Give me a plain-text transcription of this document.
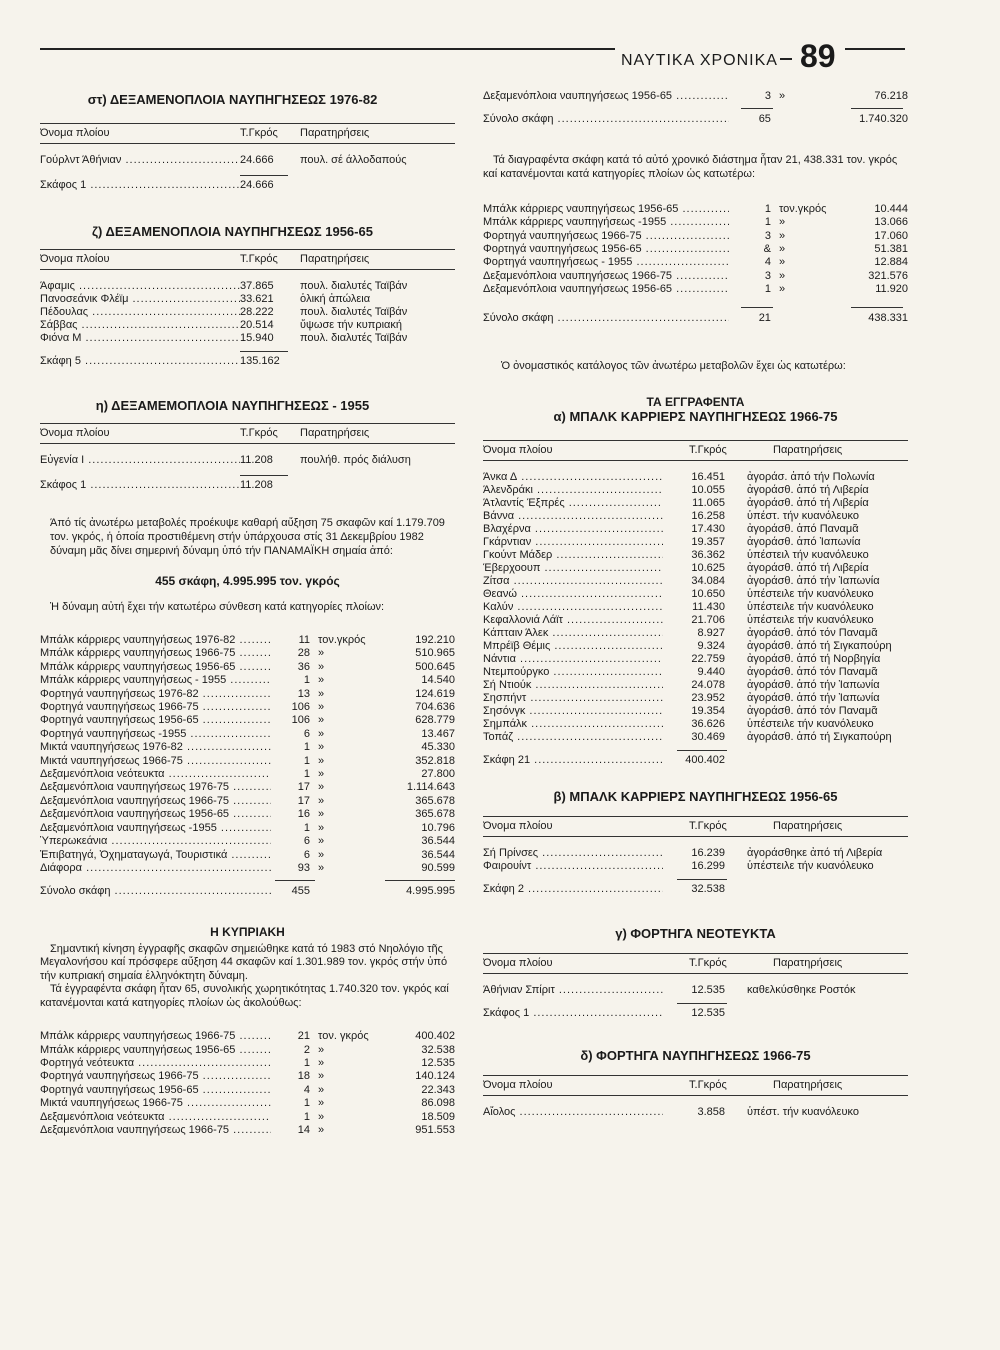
ΝΑΥΤΙΚΑ ΧΡΟΝΙΚΑ 89
στ) ΔΕΞΑΜΕΝΟΠΛΟΙΑ ΝΑΥΠΗΓΗΣΕΩΣ 1976-82
Όνομα πλοίου	Τ.Γκρός	Παρατηρήσεις
Γούρλντ Άθήνιαν .....	24.666	πουλ. σέ άλλοδαπούς
Σκάφος 1 .....	24.666
ζ) ΔΕΞΑΜΕΝΟΠΛΟΙΑ ΝΑΥΠΗΓΗΣΕΩΣ 1956-65
Όνομα πλοίου	Τ.Γκρός	Παρατηρήσεις
Άφαμις .....	37.865	πουλ. διαλυτές Ταϊβάν
Πανοσεάνικ Φλέϊμ .....	33.621	ὁλική ἀπώλεια
Πέδουλας .....	28.222	πουλ. διαλυτές Ταϊβάν
Σάββας .....	20.514	ὕψωσε τήν κυπριακή
Φιόνα Μ .....	15.940	πουλ. διαλυτές Ταϊβάν
Σκάφη 5 .....	135.162
η) ΔΕΞΑΜΕΜΟΠΛΟΙΑ ΝΑΥΠΗΓΗΣΕΩΣ - 1955
Όνομα πλοίου	Τ.Γκρός	Παρατηρήσεις
Εὐγενία Ι .....	11.208	πουλήθ. πρός διάλυση
Σκάφος 1 .....	11.208
Άπό τίς ἀνωτέρω μεταβολές προέκυψε καθαρή αὔξηση 75 σκαφῶν καί 1.179.709 τον. γκρός, ἡ ὁποία προστιθέμενη στήν ὑπάρχουσα στίς 31 Δεκεμβρίου 1982 δύναμη μᾶς δίνει σημερινή δύναμη ὑπό τήν ΠΑΝΑΜΑΪΚΗ σημαία ἀπό:
455 σκάφη, 4.995.995 τον. γκρός
Ἡ δύναμη αὐτή ἔχει τήν κατωτέρω σύνθεση κατά κατηγορίες πλοίων:
Μπάλκ κάρριερς ναυπηγήσεως 1976-82 .....	11 τον.γκρός	192.210
Μπάλκ κάρριερς ναυπηγήσεως 1966-75 .....	28 »	510.965
Μπάλκ κάρριερς ναυπηγήσεως 1956-65 .....	36 »	500.645
Μπάλκ κάρριερς ναυπηγήσεως - 1955 .....	1 »	14.540
Φορτηγά ναυπηγήσεως 1976-82 .....	13 »	124.619
Φορτηγά ναυπηγήσεως 1966-75 .....	106 »	704.636
Φορτηγά ναυπηγήσεως 1956-65 .....	106 »	628.779
Φορτηγά ναυπηγήσεως -1955 .....	6 »	13.467
Μικτά ναυπηγήσεως 1976-82 .....	1 »	45.330
Μικτά ναυπηγήσεως 1966-75 .....	1 »	352.818
Δεξαμενόπλοια νεότευκτα .....	1 »	27.800
Δεξαμενόπλοια ναυπηγήσεως 1976-75 .....	17 »	1.114.643
Δεξαμενόπλοια ναυπηγήσεως 1966-75 .....	17 »	365.678
Δεξαμενόπλοια ναυπηγήσεως 1956-65 .....	16 »	365.678
Δεξαμενόπλοια ναυπηγήσεως -1955 .....	1 »	10.796
Ὑπερωκεάνια .....	6 »	36.544
Ἐπιβατηγά, Ὀχηματαγωγά, Τουριστικά .....	6 »	36.544
Διάφορα .....	93 »	90.599
Σύνολο σκάφη .....	455	4.995.995
Η ΚΥΠΡΙΑΚΗ
Σημαντική κίνηση ἐγγραφῆς σκαφῶν σημειώθηκε κατά τό 1983 στό Νηολόγιο τῆς Μεγαλονήσου καί πρόσφερε αὔξηση 44 σκαφῶν καί 1.301.989 τον. γκρός στήν ὑπό τήν κυπριακή σημαία ἑλληνόκτητη δύναμη.
Τά ἐγγραφέντα σκάφη ἦταν 65, συνολικής χωρητικότητας 1.740.320 τον. γκρός καί κατανέμονται κατά κατηγορίες πλοίων ὡς ἀκολούθως:
Μπάλκ κάρριερς ναυπηγήσεως 1966-75 .....	21 τον. γκρός	400.402
Μπάλκ κάρριερς ναυπηγήσεως 1956-65 .....	2 »	32.538
Φορτηγά νεότευκτα .....	1 »	12.535
Φορτηγά ναυπηγήσεως 1966-75 .....	18 »	140.124
Φορτηγά ναυπηγήσεως 1956-65 .....	4 »	22.343
Μικτά ναυπηγήσεως 1966-75 .....	1 »	86.098
Δεξαμενόπλοια νεότευκτα .....	1 »	18.509
Δεξαμενόπλοια ναυπηγήσεως 1966-75 .....	14 »	951.553
Δεξαμενόπλοια ναυπηγήσεως 1956-65 .....	3 »	76.218
Σύνολο σκάφη .....	65	1.740.320
Τά διαγραφέντα σκάφη κατά τό αὐτό χρονικό διάστημα ἦταν 21, 438.331 τον. γκρός καί κατανέμονται κατά κατηγορίες πλοίων ὡς κατωτέρω:
Μπάλκ κάρριερς ναυπηγήσεως 1956-65 .....	1 τον.γκρός	10.444
Μπάλκ κάρριερς ναυπηγήσεως -1955 .....	1 »	13.066
Φορτηγά ναυπηγήσεως 1966-75 .....	3 »	17.060
Φορτηγά ναυπηγήσεως 1956-65 .....	& »	51.381
Φορτηγά ναυπηγήσεως - 1955 .....	4 »	12.884
Δεξαμενόπλοια ναυπηγήσεως 1966-75 .....	3 »	321.576
Δεξαμενόπλοια ναυπηγήσεως 1956-65 .....	1 »	11.920
Σύνολο σκάφη .....	21	438.331
Ὁ ὀνομαστικός κατάλογος τῶν ἀνωτέρω μεταβολῶν ἔχει ὡς κατωτέρω:
ΤΑ ΕΓΓΡΑΦΕΝΤΑ
α) ΜΠΑΛΚ ΚΑΡΡΙΕΡΣ ΝΑΥΠΗΓΗΣΕΩΣ 1966-75
Όνομα πλοίου	Τ.Γκρός	Παρατηρήσεις
Άνκα Δ .....	16.451	ἀγοράσ. ἀπό τήν Πολωνία
Άλενδράκι .....	10.055	ἀγοράσθ. ἀπό τή Λιβερία
Άτλαντίς Έξπρές .....	11.065	ἀγοράσθ. ἀπό τή Λιβερία
Βάννα .....	16.258	ὑπέστ. τήν κυανόλευκο
Βλαχέρνα .....	17.430	ἀγοράσθ. ἀπό Παναμᾶ
Γκάρντιαν .....	19.357	ἀγοράσθ. ἀπό Ἰαπωνία
Γκούντ Μάδερ .....	36.362	ὑπέστειλ τήν κυανόλευκο
Έβερχοουπ .....	10.625	ἀγοράσθ. ἀπό τή Λιβερία
Ζίτσα .....	34.084	ἀγοράσθ. ἀπό τήν Ἰαπωνία
Θεανώ .....	10.650	ὑπέστειλε τήν κυανόλευκο
Καλύν .....	11.430	ὑπέστειλε τήν κυανόλευκο
Κεφαλλονιά Λάϊτ .....	21.706	ὑπέστειλε τήν κυανόλευκο
Κάπταιν Άλεκ .....	8.927	ἀγοράσθ. ἀπό τόν Παναμᾶ
Μπρέϊβ Θέμις .....	9.324	ἀγοράσθ. ἀπό τή Σιγκαπούρη
Νάντια .....	22.759	ἀγοράσθ. ἀπό τή Νορβηγία
Ντεμπούργκο .....	9.440	ἀγοράσθ. ἀπό τόν Παναμᾶ
Σή Ντιούκ .....	24.078	ἀγοράσθ. ἀπό τήν Ἰαπωνία
Σησπήντ .....	23.952	ἀγοράσθ. ἀπό τήν Ἰαπωνία
Σησόνγκ .....	19.354	ἀγοράσθ. ἀπό τόν Παναμᾶ
Σημπάλκ .....	36.626	ὑπέστειλε τήν κυανόλευκο
Τοπάζ .....	30.469	ἀγοράσθ. ἀπό τή Σιγκαπούρη
Σκάφη 21 .....	400.402
β) ΜΠΑΛΚ ΚΑΡΡΙΕΡΣ ΝΑΥΠΗΓΗΣΕΩΣ 1956-65
Όνομα πλοίου	Τ.Γκρός	Παρατηρήσεις
Σή Πρίνσες .....	16.239	ἀγοράσθηκε ἀπό τή Λιβερία
Φαιρουίντ .....	16.299	ὑπέστειλε τήν κυανόλευκο
Σκάφη 2 .....	32.538
γ) ΦΟΡΤΗΓΑ ΝΕΟΤΕΥΚΤΑ
Όνομα πλοίου	Τ.Γκρός	Παρατηρήσεις
Άθήνιαν Σπίριτ .....	12.535	καθελκύσθηκε Ροστόκ
Σκάφος 1 .....	12.535
δ) ΦΟΡΤΗΓΑ ΝΑΥΠΗΓΗΣΕΩΣ 1966-75
Όνομα πλοίου	Τ.Γκρός	Παρατηρήσεις
Αἴολος .....	3.858	ὑπέστ. τήν κυανόλευκο
